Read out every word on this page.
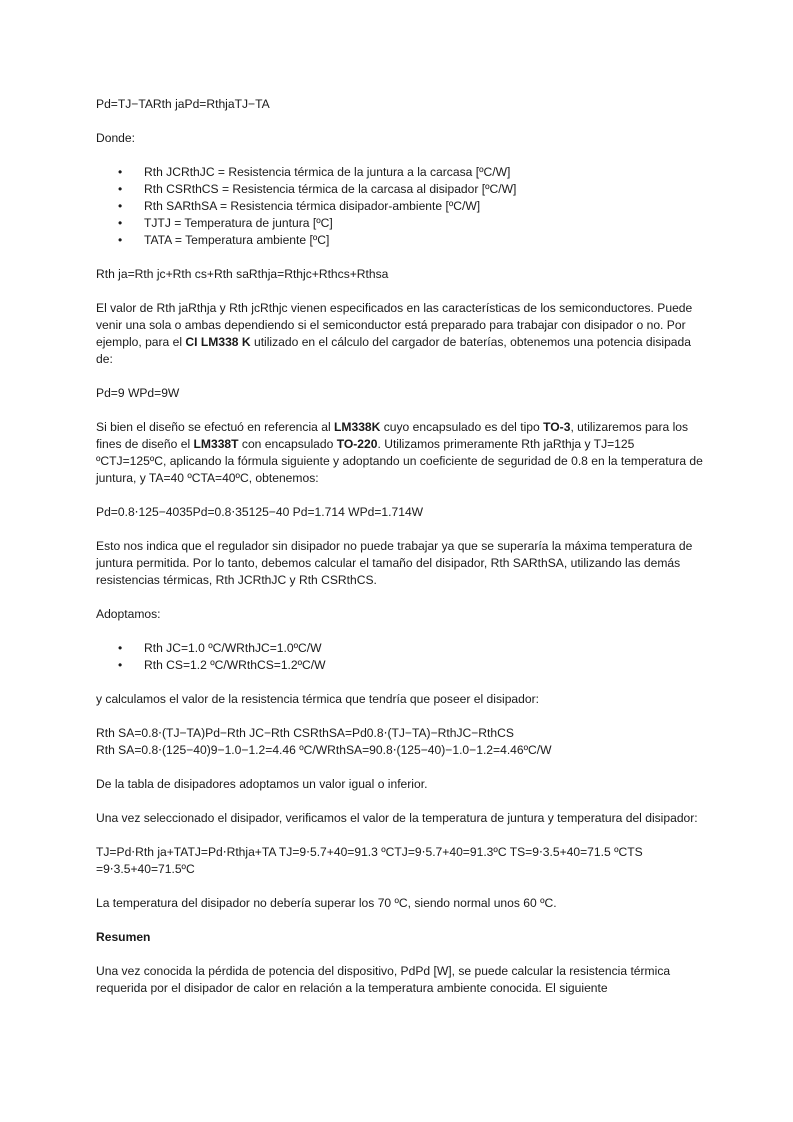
Pd=TJ−TARth jaPd=RthjaTJ−TA

Donde:

• Rth JCRthJC = Resistencia térmica de la juntura a la carcasa [ºC/W]
• Rth CSRthCS = Resistencia térmica de la carcasa al disipador [ºC/W]
• Rth SARthSA = Resistencia térmica disipador-ambiente [ºC/W]
• TJTJ = Temperatura de juntura [ºC]
• TATA = Temperatura ambiente [ºC]

Rth ja=Rth jc+Rth cs+Rth saRthja=Rthjc+Rthcs+Rthsa

El valor de Rth jaRthja y Rth jcRthjc vienen especificados en las características de los semiconductores. Puede venir una sola o ambas dependiendo si el semiconductor está preparado para trabajar con disipador o no. Por ejemplo, para el CI LM338 K utilizado en el cálculo del cargador de baterías, obtenemos una potencia disipada de:

Pd=9 WPd=9W

Si bien el diseño se efectuó en referencia al LM338K cuyo encapsulado es del tipo TO-3, utilizaremos para los fines de diseño el LM338T con encapsulado TO-220. Utilizamos primeramente Rth jaRthja y TJ=125 ºCTJ=125ºC, aplicando la fórmula siguiente y adoptando un coeficiente de seguridad de 0.8 en la temperatura de juntura, y TA=40 ºCTA=40ºC, obtenemos:

Pd=0.8⋅125−4035Pd=0.8⋅35125−40 Pd=1.714 WPd=1.714W

Esto nos indica que el regulador sin disipador no puede trabajar ya que se superaría la máxima temperatura de juntura permitida. Por lo tanto, debemos calcular el tamaño del disipador, Rth SARthSA, utilizando las demás resistencias térmicas, Rth JCRthJC y Rth CSRthCS.

Adoptamos:

• Rth JC=1.0 ºC/WRthJC=1.0ºC/W
• Rth CS=1.2 ºC/WRthCS=1.2ºC/W

y calculamos el valor de la resistencia térmica que tendría que poseer el disipador:

Rth SA=0.8⋅(TJ−TA)Pd−Rth JC−Rth CSRthSA=Pd0.8⋅(TJ−TA)−RthJC−RthCS
Rth SA=0.8⋅(125−40)9−1.0−1.2=4.46 ºC/WRthSA=90.8⋅(125−40)−1.0−1.2=4.46ºC/W

De la tabla de disipadores adoptamos un valor igual o inferior.

Una vez seleccionado el disipador, verificamos el valor de la temperatura de juntura y temperatura del disipador:

TJ=Pd⋅Rth ja+TATJ=Pd⋅Rthja+TA TJ=9⋅5.7+40=91.3 ºCTJ=9⋅5.7+40=91.3ºC TS=9⋅3.5+40=71.5 ºCTS =9⋅3.5+40=71.5ºC

La temperatura del disipador no debería superar los 70 ºC, siendo normal unos 60 ºC.

Resumen

Una vez conocida la pérdida de potencia del dispositivo, PdPd [W], se puede calcular la resistencia térmica requerida por el disipador de calor en relación a la temperatura ambiente conocida. El siguiente
